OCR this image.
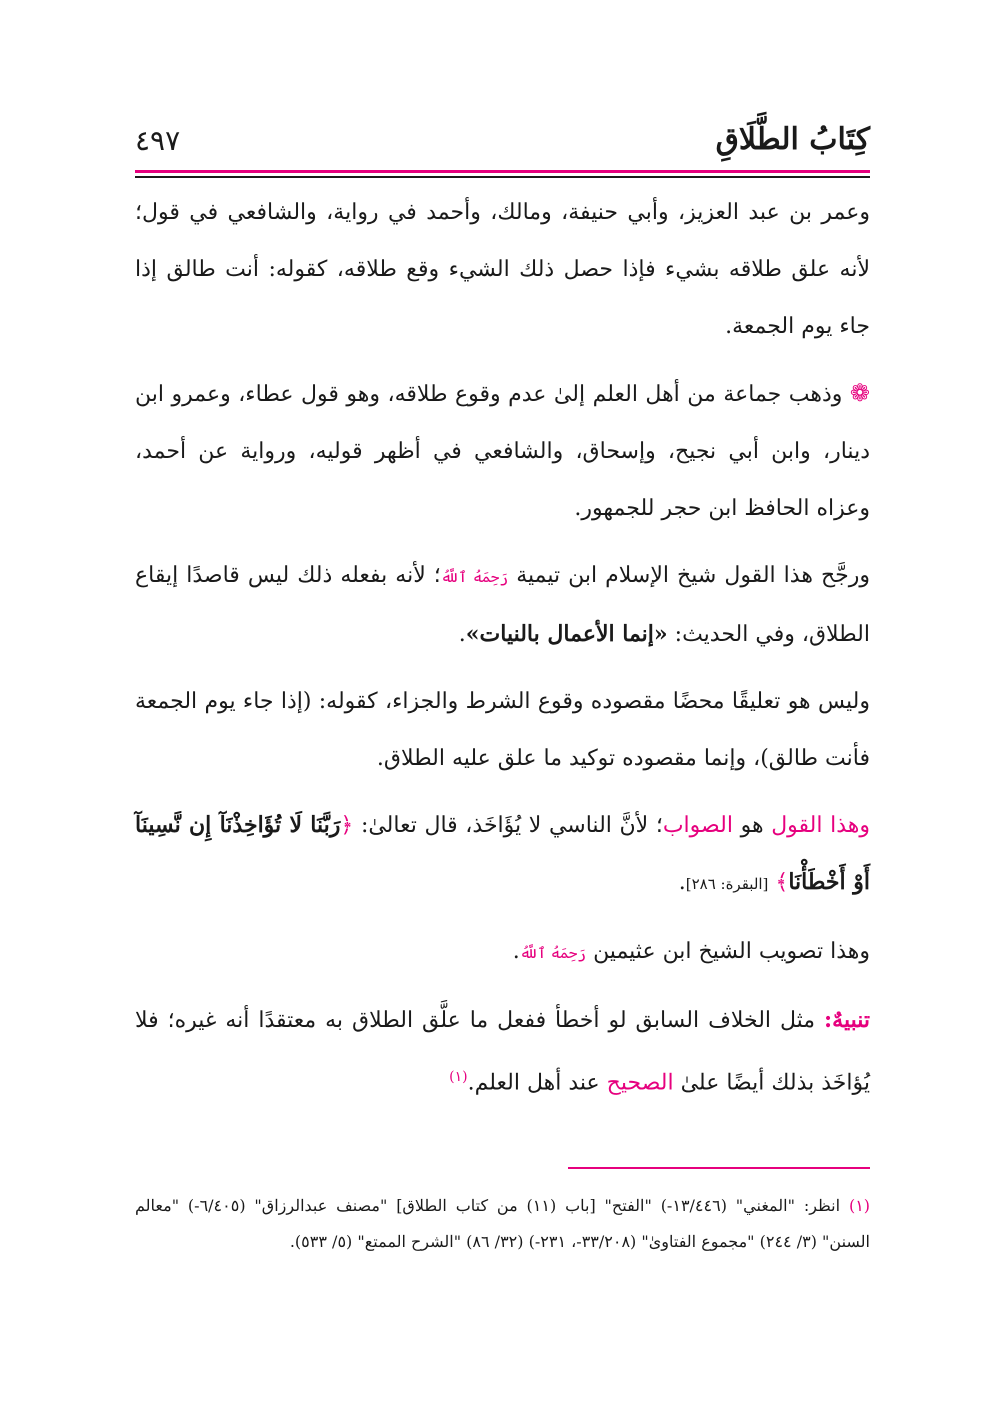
كِتَابُ الطَّلَاقِ
٤٩٧

وعمر بن عبد العزيز، وأبي حنيفة، ومالك، وأحمد في رواية، والشافعي في قول؛ لأنه علق طلاقه بشيء فإذا حصل ذلك الشيء وقع طلاقه، كقوله: أنت طالق إذا جاء يوم الجمعة.

❁ وذهب جماعة من أهل العلم إلىٰ عدم وقوع طلاقه، وهو قول عطاء، وعمرو ابن دينار، وابن أبي نجيح، وإسحاق، والشافعي في أظهر قوليه، ورواية عن أحمد، وعزاه الحافظ ابن حجر للجمهور.

ورجَّح هذا القول شيخ الإسلام ابن تيمية رَحِمَهُ ٱللَّهُ؛ لأنه بفعله ذلك ليس قاصدًا إيقاع الطلاق، وفي الحديث: «إنما الأعمال بالنيات».

وليس هو تعليقًا محضًا مقصوده وقوع الشرط والجزاء، كقوله: (إذا جاء يوم الجمعة فأنت طالق)، وإنما مقصوده توكيد ما علق عليه الطلاق.

وهذا القول هو الصواب؛ لأنَّ الناسي لا يُؤَاخَذ، قال تعالىٰ: ﴿رَبَّنَا لَا تُؤَاخِذْنَآ إِن نَّسِينَآ أَوْ أَخْطَأْنَا﴾ [البقرة: ٢٨٦].

وهذا تصويب الشيخ ابن عثيمين رَحِمَهُ ٱللَّهُ.

تنبيهٌ: مثل الخلاف السابق لو أخطأ ففعل ما علَّق الطلاق به معتقدًا أنه غيره؛ فلا يُؤاخَذ بذلك أيضًا علىٰ الصحيح عند أهل العلم.$^{(١)}$

(١) انظر: "المغني" (١٣/٤٤٦-) "الفتح" [باب (١١) من كتاب الطلاق] "مصنف عبدالرزاق" (٦/٤٠٥-) "معالم السنن" (٣/ ٢٤٤) "مجموع الفتاوىٰ" (٣٣/٢٠٨-، ٢٣١-) (٣٢/ ٨٦) "الشرح الممتع" (٥/ ٥٣٣).
